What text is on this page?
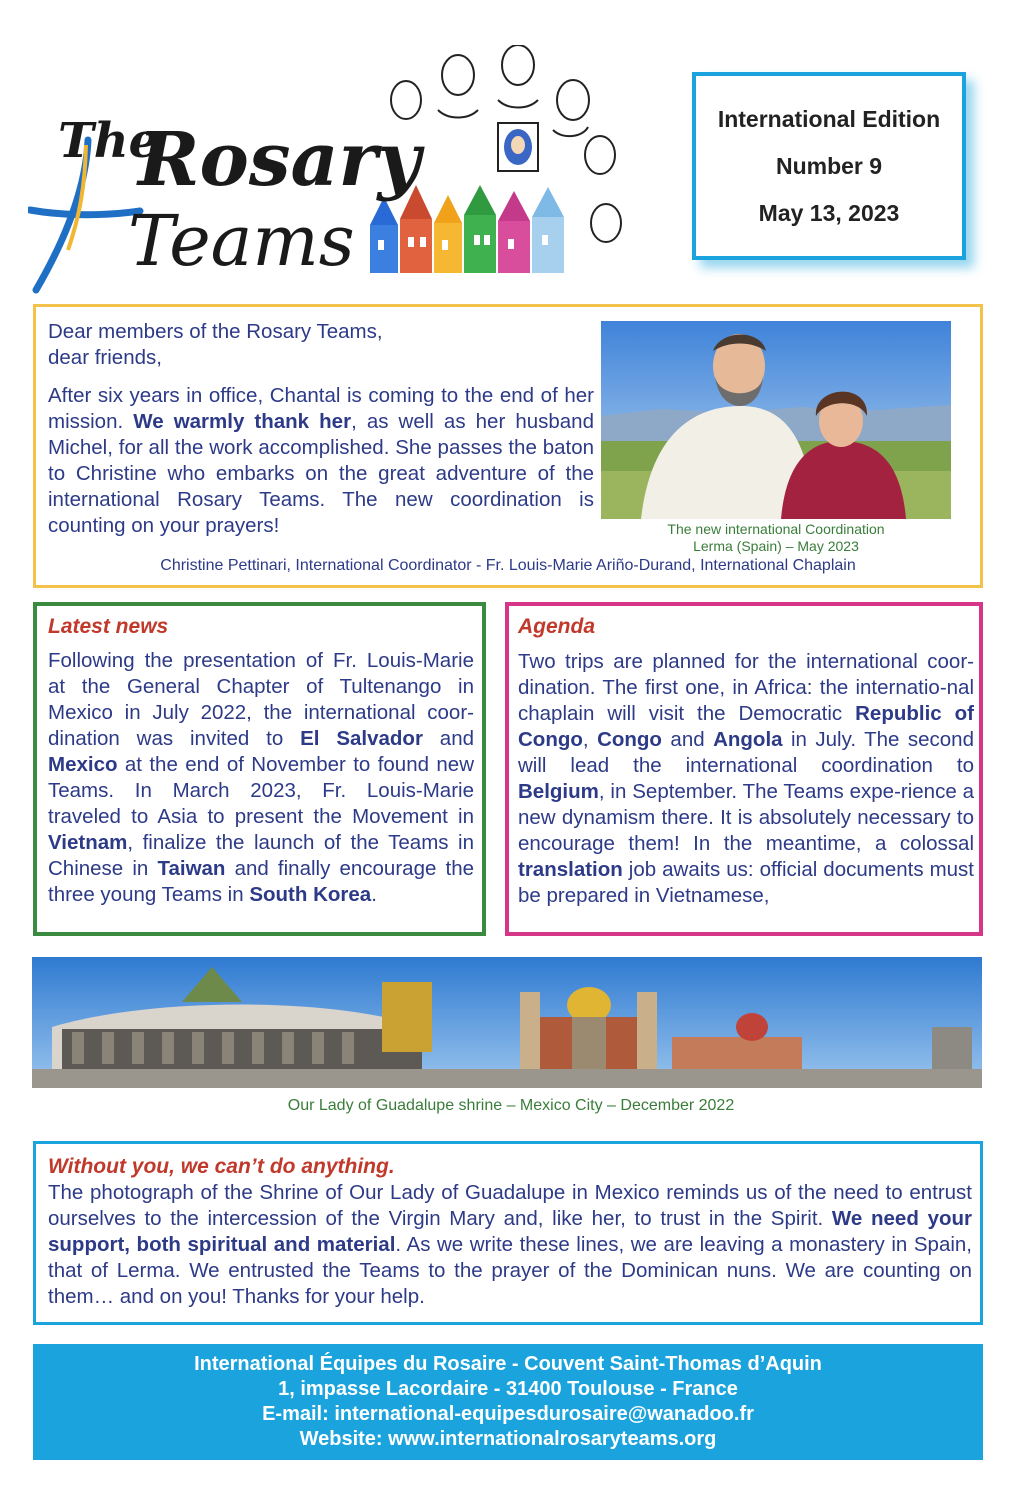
The
Rosary
Teams
International Edition
Number 9
May 13, 2023
Dear members of the Rosary Teams,
dear friends,
After six years in office, Chantal is coming to the end of her mission. We warmly thank her, as well as her husband Michel, for all the work accomplished. She passes the baton to Christine who embarks on the great adventure of the international Rosary Teams. The new coordination is counting on your prayers!	The new international Coordination
Lerma (Spain) – May 2023
Christine Pettinari, International Coordinator - Fr. Louis-Marie Ariño-Durand, International Chaplain
Latest news
Following the presentation of Fr. Louis-Marie at the General Chapter of Tultenango in Mexico in July 2022, the international coor-dination was invited to El Salvador and Mexico at the end of November to found new Teams. In March 2023, Fr. Louis-Marie traveled to Asia to present the Movement in Vietnam, finalize the launch of the Teams in Chinese in Taiwan and finally encourage the three young Teams in South Korea.
Agenda
Two trips are planned for the international coor-dination. The first one, in Africa: the internatio-nal chaplain will visit the Democratic Republic of Congo, Congo and Angola in July. The second will lead the international coordination to Belgium, in September. The Teams expe-rience a new dynamism there. It is absolutely necessary to encourage them! In the meantime, a colossal translation job awaits us: official documents must be prepared in Vietnamese,
Our Lady of Guadalupe shrine – Mexico City – December 2022
Without you, we can’t do anything.
The photograph of the Shrine of Our Lady of Guadalupe in Mexico reminds us of the need to entrust ourselves to the intercession of the Virgin Mary and, like her, to trust in the Spirit. We need your support, both spiritual and material. As we write these lines, we are leaving a monastery in Spain, that of Lerma. We entrusted the Teams to the prayer of the Dominican nuns. We are counting on them… and on you! Thanks for your help.
International Équipes du Rosaire - Couvent Saint-Thomas d’Aquin
1, impasse Lacordaire - 31400 Toulouse - France
E-mail: international-equipesdurosaire@wanadoo.fr
Website: www.internationalrosaryteams.org
